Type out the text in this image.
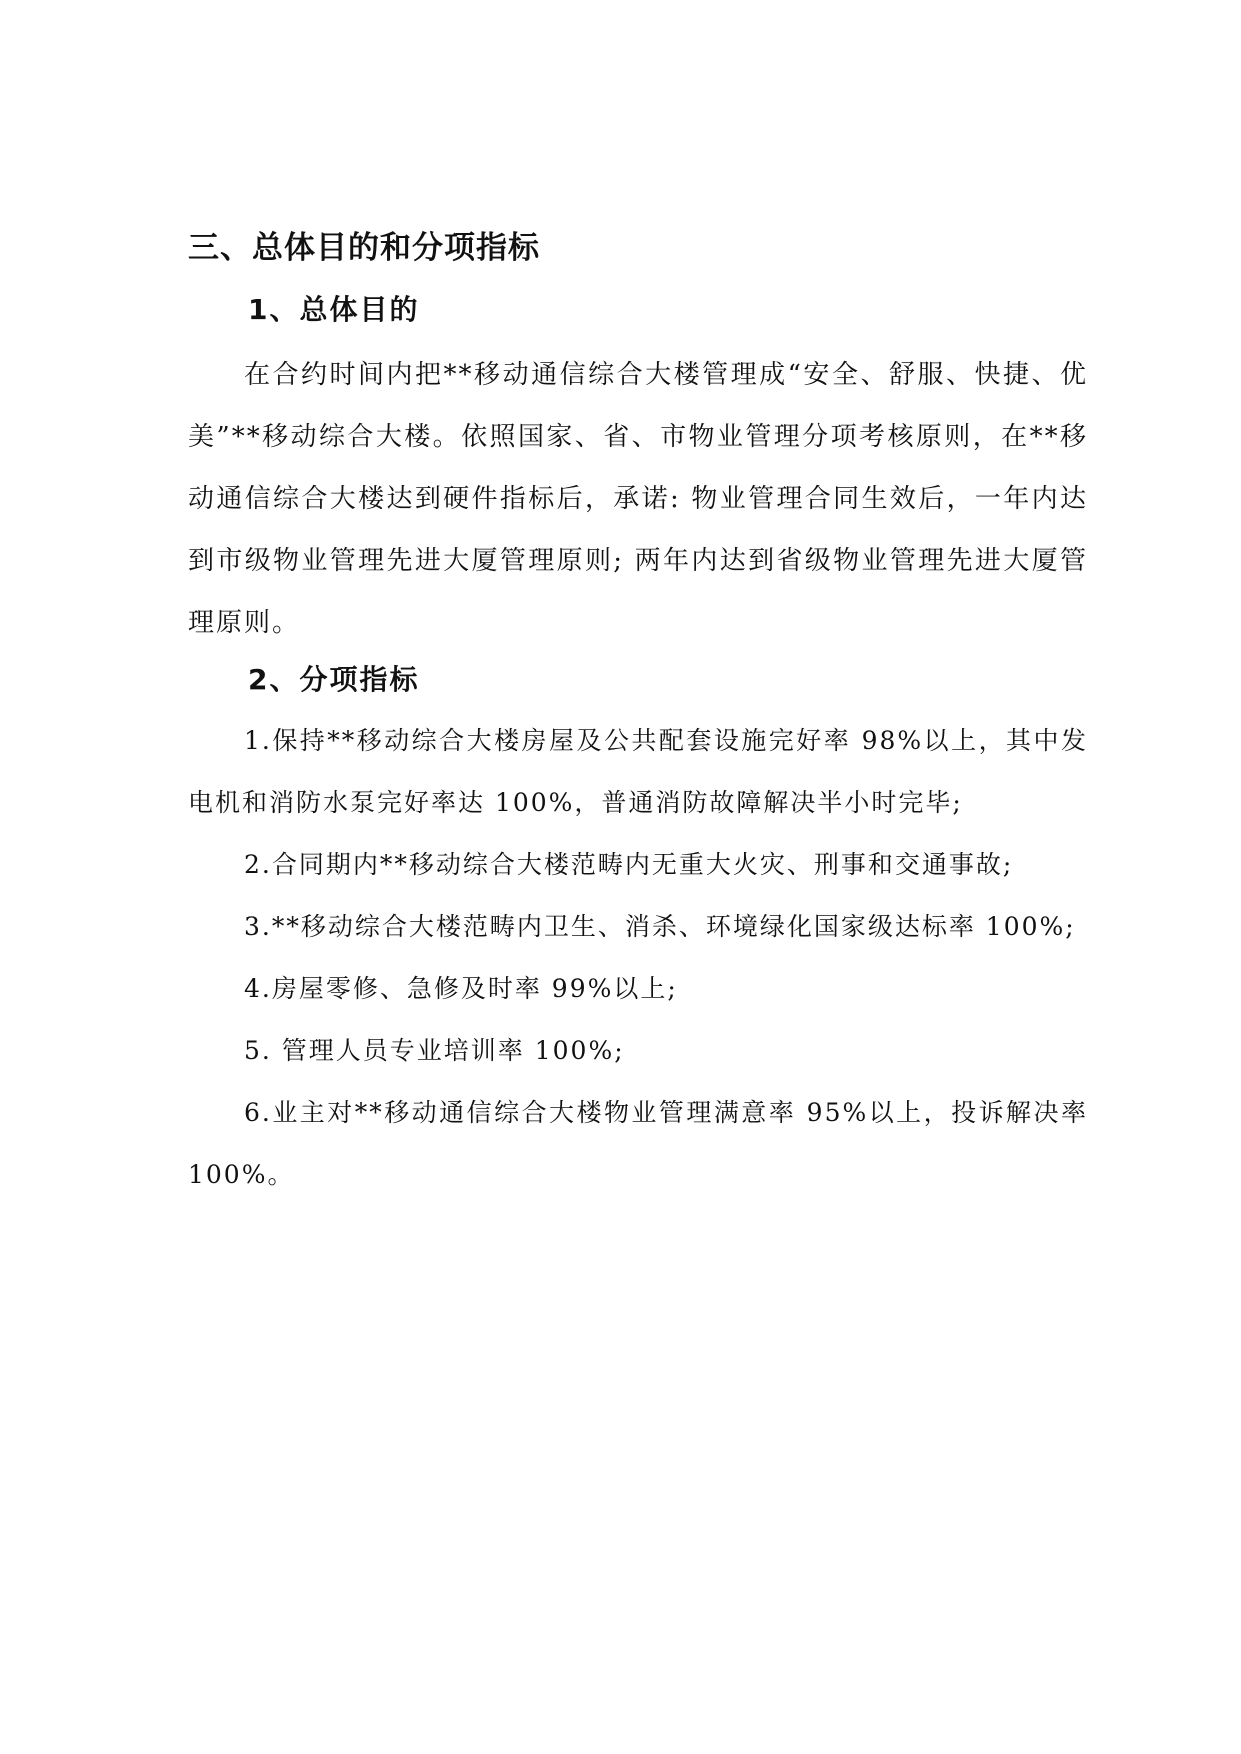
三、总体目的和分项指标
1、总体目的

在合约时间内把**移动通信综合大楼管理成“安全、舒服、快捷、优美”**移动综合大楼。依照国家、省、市物业管理分项考核原则，在**移动通信综合大楼达到硬件指标后，承诺: 物业管理合同生效后，一年内达到市级物业管理先进大厦管理原则; 两年内达到省级物业管理先进大厦管理原则。

2、分项指标

1.保持**移动综合大楼房屋及公共配套设施完好率 98%以上，其中发电机和消防水泵完好率达 100%，普通消防故障解决半小时完毕;

2.合同期内**移动综合大楼范畴内无重大火灾、刑事和交通事故;

3.**移动综合大楼范畴内卫生、消杀、环境绿化国家级达标率 100%;

4.房屋零修、急修及时率 99%以上;

5. 管理人员专业培训率 100%;

6.业主对**移动通信综合大楼物业管理满意率 95%以上，投诉解决率 100%。
